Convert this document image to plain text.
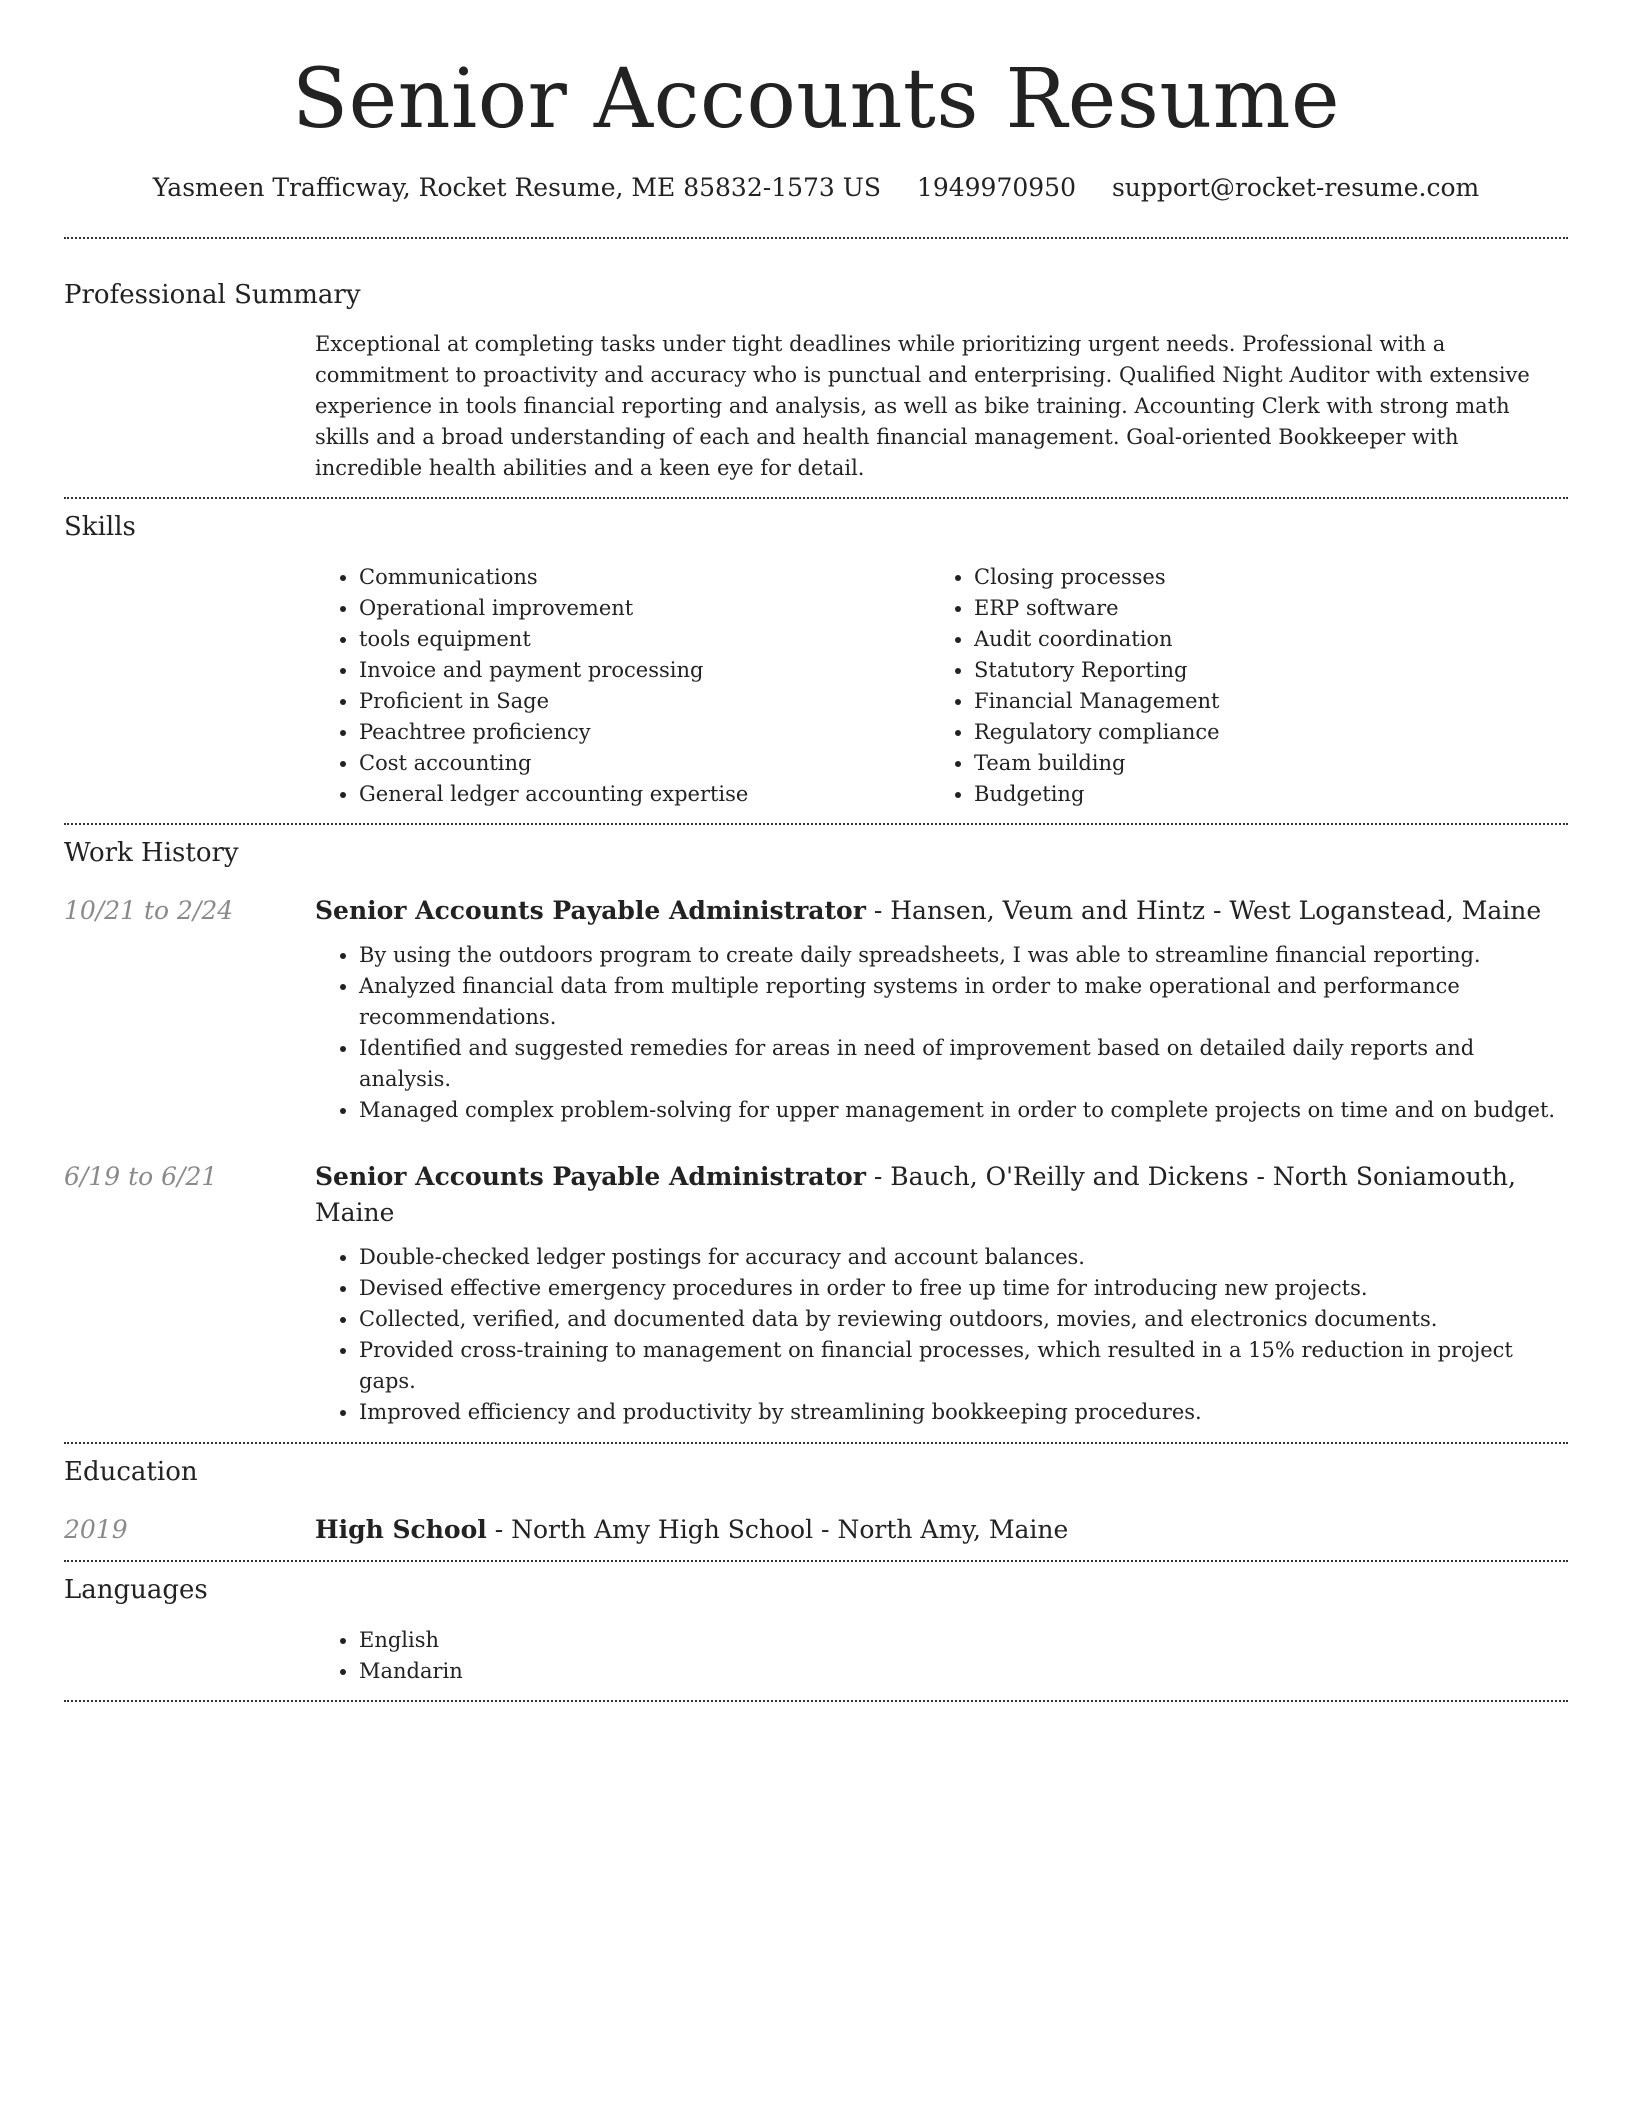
Senior Accounts Resume
Yasmeen Trafficway, Rocket Resume, ME 85832-1573 US 1949970950 support@rocket-resume.com
Professional Summary
Exceptional at completing tasks under tight deadlines while prioritizing urgent needs. Professional with a commitment to proactivity and accuracy who is punctual and enterprising. Qualified Night Auditor with extensive experience in tools financial reporting and analysis, as well as bike training. Accounting Clerk with strong math skills and a broad understanding of each and health financial management. Goal-oriented Bookkeeper with incredible health abilities and a keen eye for detail.
Skills
• Communications
• Operational improvement
• tools equipment
• Invoice and payment processing
• Proficient in Sage
• Peachtree proficiency
• Cost accounting
• General ledger accounting expertise
• Closing processes
• ERP software
• Audit coordination
• Statutory Reporting
• Financial Management
• Regulatory compliance
• Team building
• Budgeting
Work History
10/21 to 2/24	Senior Accounts Payable Administrator - Hansen, Veum and Hintz - West Loganstead, Maine
• By using the outdoors program to create daily spreadsheets, I was able to streamline financial reporting.
• Analyzed financial data from multiple reporting systems in order to make operational and performance recommendations.
• Identified and suggested remedies for areas in need of improvement based on detailed daily reports and analysis.
• Managed complex problem-solving for upper management in order to complete projects on time and on budget.
6/19 to 6/21	Senior Accounts Payable Administrator - Bauch, O'Reilly and Dickens - North Soniamouth, Maine
• Double-checked ledger postings for accuracy and account balances.
• Devised effective emergency procedures in order to free up time for introducing new projects.
• Collected, verified, and documented data by reviewing outdoors, movies, and electronics documents.
• Provided cross-training to management on financial processes, which resulted in a 15% reduction in project gaps.
• Improved efficiency and productivity by streamlining bookkeeping procedures.
Education
2019	High School - North Amy High School - North Amy, Maine
Languages
• English
• Mandarin
